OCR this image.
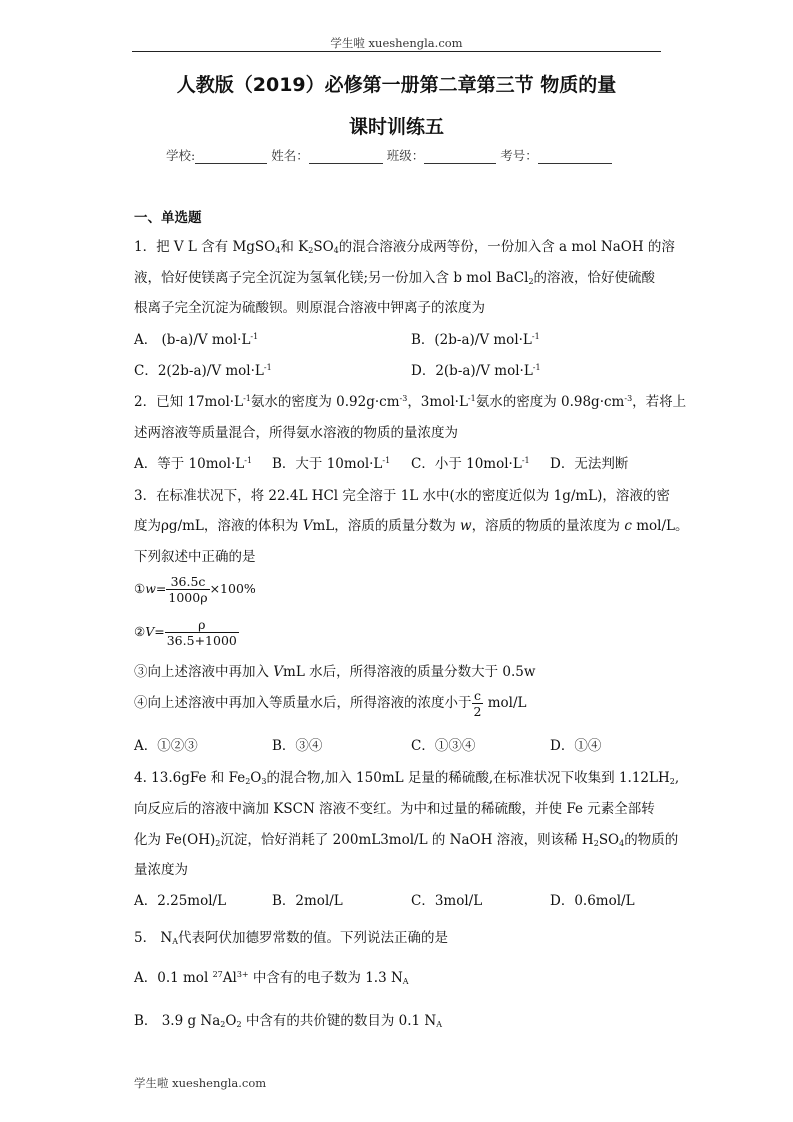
学生啦 xueshengla.com
人教版（2019）必修第一册第二章第三节 物质的量
课时训练五
学校:	姓名：	班级：	考号：
一、单选题
1．把 V L 含有 MgSO$_4$和 $K_2SO_4$的混合溶液分成两等份，一份加入含 a mol NaOH 的溶
液，恰好使镁离子完全沉淀为氢氧化镁;另一份加入含 b mol BaCl$_2$的溶液，恰好使硫酸
根离子完全沉淀为硫酸钡。则原混合溶液中钾离子的浓度为
A． (b-a)/V $mol\cdot L^{-1}$	B．(2b-a)/V $mol\cdot L^{-1}$
C．2(2b-a)/V $mol\cdot L^{-1}$	D．2(b-a)/V $mol\cdot L^{-1}$
2．已知 $17mol\cdot L^{-1}$氨水的密度为 $0.92g\cdot cm^{-3}$，$3mol\cdot L^{-1}$氨水的密度为 $0.98g\cdot cm^{-3}$，若将上
述两溶液等质量混合，所得氨水溶液的物质的量浓度为
A．等于 $10mol\cdot L^{-1}$ B．大于 $10mol\cdot L^{-1}$ C．小于 $10mol\cdot L^{-1}$ D．无法判断
3．在标准状况下，将 22.4L HCl 完全溶于 1L 水中(水的密度近似为 1g/mL)，溶液的密
度为ρg/mL，溶液的体积为 VmL，溶质的质量分数为 w，溶质的物质的量浓度为 c mol/L。
下列叙述中正确的是
①w= $\frac{36.5c}{1000\rho} \times 100\%$
②V= $\frac{\rho}{36.5+1000}$
③向上述溶液中再加入 VmL 水后，所得溶液的质量分数大于 0.5w
④向上述溶液中再加入等质量水后，所得溶液的浓度小于 $\frac{c}{2} mol/L$
A．①②③	B．③④	C．①③④	D．①④
4. 13.6gFe 和 $Fe_2O_3$的混合物,加入 150mL 足量的稀硫酸,在标准状况下收集到 $1.12LH_2$,
向反应后的溶液中滴加 KSCN 溶液不变红。为中和过量的稀硫酸，并使 Fe 元素全部转
化为 $Fe(OH)_2$沉淀，恰好消耗了 200mL3mol/L 的 NaOH 溶液，则该稀 $H_2SO_4$的物质的
量浓度为
A．2.25mol/L	B．2mol/L	C．3mol/L	D．0.6mol/L
5． $N_A$代表阿伏加德罗常数的值。下列说法正确的是
A．0.1 mol $^{27}Al^{3+}$ 中含有的电子数为 1.3 $N_A$
B． 3.9 g $Na_2O_2$ 中含有的共价键的数目为 0.1 $N_A$
学生啦 xueshengla.com
